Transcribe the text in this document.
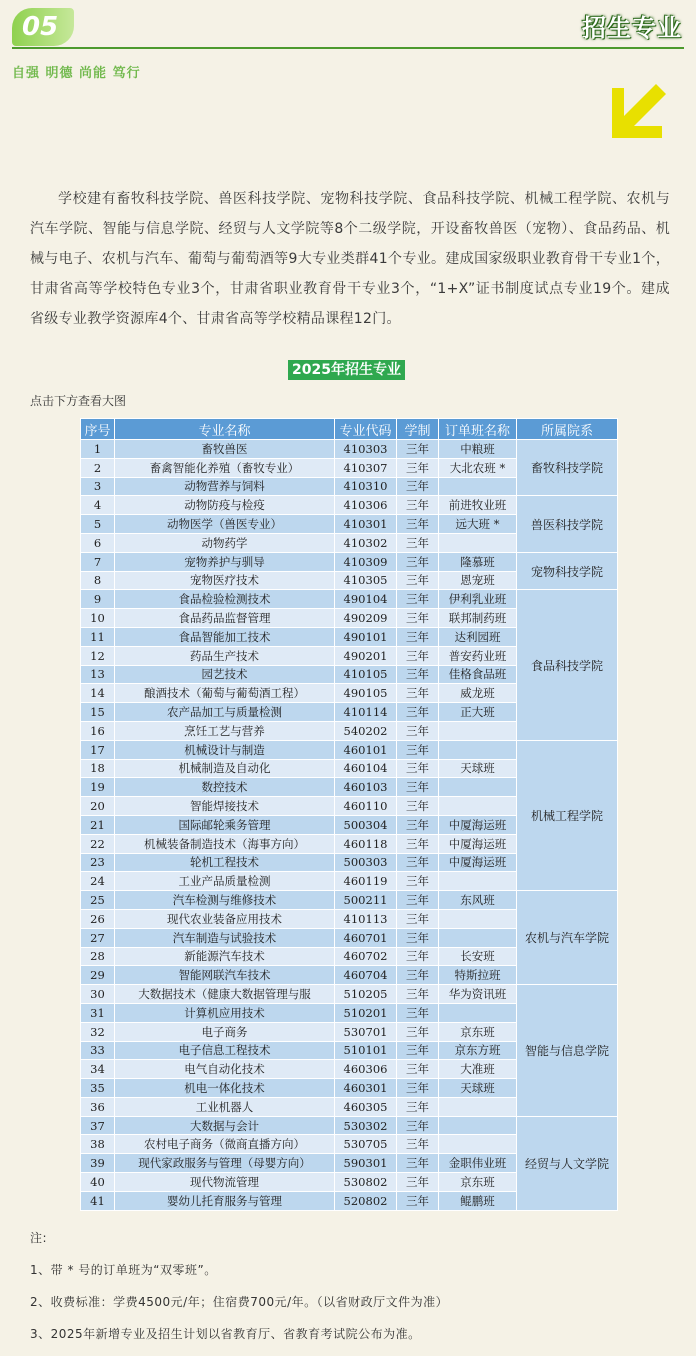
05	招生专业
自强 明德 尚能 笃行

学校建有畜牧科技学院、兽医科技学院、宠物科技学院、食品科技学院、机械工程学院、农机与汽车学院、智能与信息学院、经贸与人文学院等8个二级学院，开设畜牧兽医（宠物）、食品药品、机械与电子、农机与汽车、葡萄与葡萄酒等9大专业类群41个专业。建成国家级职业教育骨干专业1个，甘肃省高等学校特色专业3个，甘肃省职业教育骨干专业3个，“1+X”证书制度试点专业19个。建成省级专业教学资源库4个、甘肃省高等学校精品课程12门。

2025年招生专业
点击下方查看大图
序号	专业名称	专业代码	学制	订单班名称	所属院系
1	畜牧兽医	410303	三年	中粮班	畜牧科技学院
2	畜禽智能化养殖（畜牧专业）	410307	三年	大北农班 *	
3	动物营养与饲料	410310	三年		
4	动物防疫与检疫	410306	三年	前进牧业班	兽医科技学院
5	动物医学（兽医专业）	410301	三年	远大班 *	
6	动物药学	410302	三年		
7	宠物养护与驯导	410309	三年	隆慕班	宠物科技学院
8	宠物医疗技术	410305	三年	恩宠班	
9	食品检验检测技术	490104	三年	伊利乳业班	食品科技学院
10	食品药品监督管理	490209	三年	联邦制药班	
11	食品智能加工技术	490101	三年	达利园班	
12	药品生产技术	490201	三年	普安药业班	
13	园艺技术	410105	三年	佳格食品班	
14	酿酒技术（葡萄与葡萄酒工程）	490105	三年	威龙班	
15	农产品加工与质量检测	410114	三年	正大班	
16	烹饪工艺与营养	540202	三年		
17	机械设计与制造	460101	三年		机械工程学院
18	机械制造及自动化	460104	三年	天球班	
19	数控技术	460103	三年		
20	智能焊接技术	460110	三年		
21	国际邮轮乘务管理	500304	三年	中厦海运班	
22	机械装备制造技术（海事方向）	460118	三年	中厦海运班	
23	轮机工程技术	500303	三年	中厦海运班	
24	工业产品质量检测	460119	三年		
25	汽车检测与维修技术	500211	三年	东风班	农机与汽车学院
26	现代农业装备应用技术	410113	三年		
27	汽车制造与试验技术	460701	三年		
28	新能源汽车技术	460702	三年	长安班	
29	智能网联汽车技术	460704	三年	特斯拉班	
30	大数据技术（健康大数据管理与服	510205	三年	华为资讯班	智能与信息学院
31	计算机应用技术	510201	三年		
32	电子商务	530701	三年	京东班	
33	电子信息工程技术	510101	三年	京东方班	
34	电气自动化技术	460306	三年	大准班	
35	机电一体化技术	460301	三年	天球班	
36	工业机器人	460305	三年		
37	大数据与会计	530302	三年		经贸与人文学院
38	农村电子商务（微商直播方向）	530705	三年		
39	现代家政服务与管理（母婴方向）	590301	三年	金职伟业班	
40	现代物流管理	530802	三年	京东班	
41	婴幼儿托育服务与管理	520802	三年	鲲鹏班	
注:
1、带 * 号的订单班为“双零班”。
2、收费标准：学费4500元/年；住宿费700元/年。（以省财政厅文件为准）
3、2025年新增专业及招生计划以省教育厅、省教育考试院公布为准。
